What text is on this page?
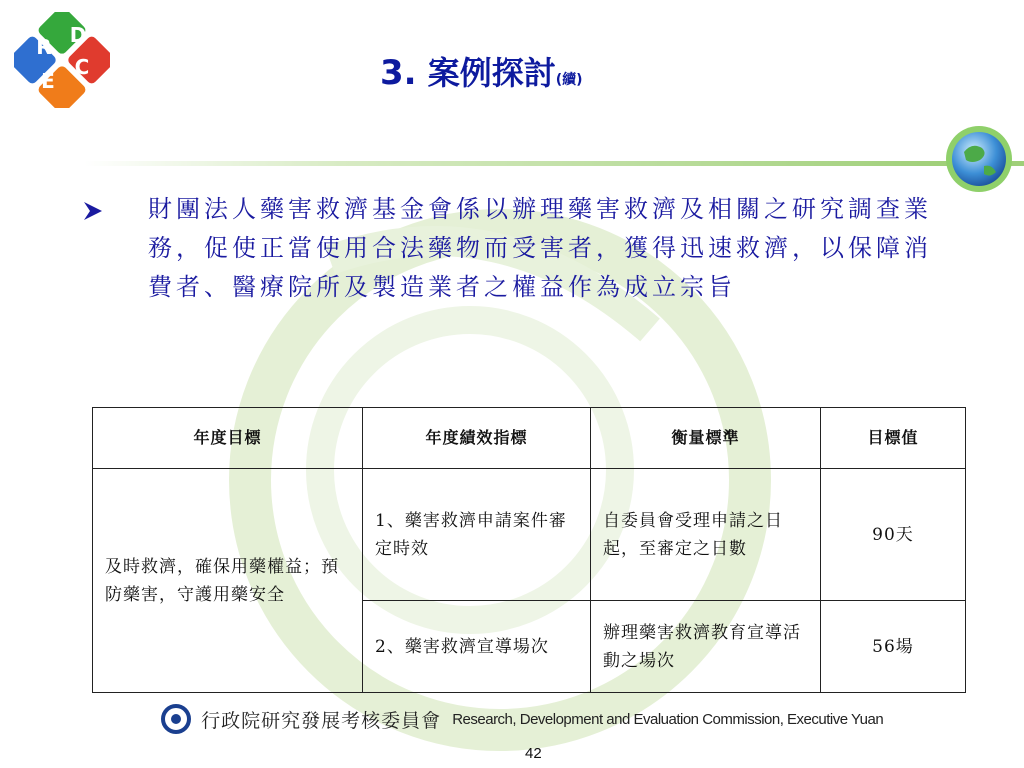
R D
E
C	3. 案例探討(續)

財團法人藥害救濟基金會係以辦理藥害救濟及相關之研究調查業務，促使正當使用合法藥物而受害者，獲得迅速救濟，以保障消費者、醫療院所及製造業者之權益作為成立宗旨

年度目標	年度績效指標	衡量標準	目標值
及時救濟，確保用藥權益；預防藥害，守護用藥安全	1、藥害救濟申請案件審定時效	自委員會受理申請之日起，至審定之日數	90天
	2、藥害救濟宣導場次	辦理藥害救濟教育宣導活動之場次	56場
行政院研究發展考核委員會 Research, Development and Evaluation Commission, Executive Yuan
42
